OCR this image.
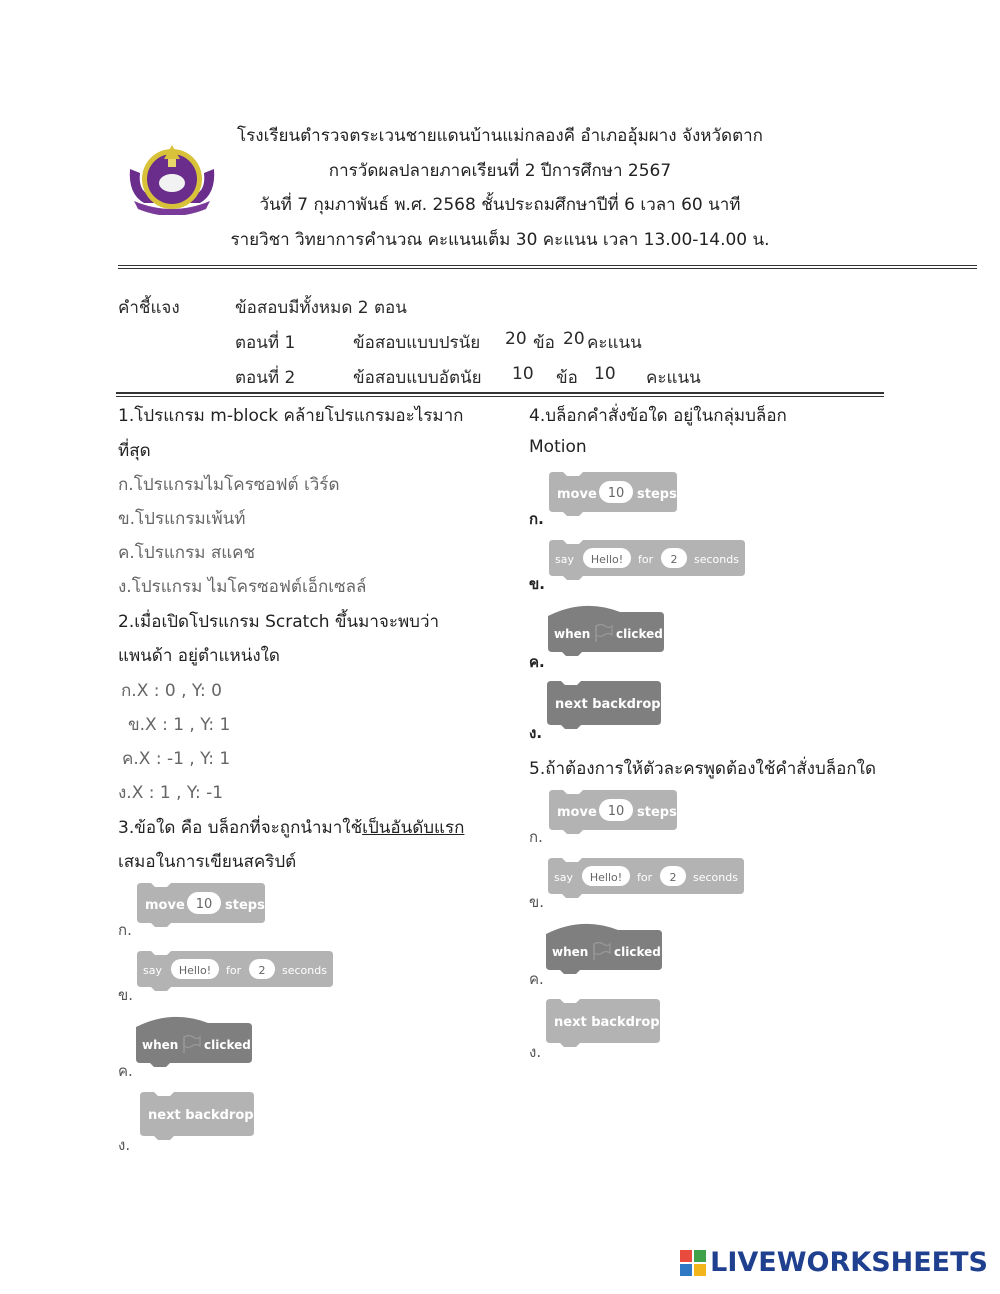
โรงเรียนตำรวจตระเวนชายแดนบ้านแม่กลองคี อำเภออุ้มผาง จังหวัดตาก
การวัดผลปลายภาคเรียนที่ 2 ปีการศึกษา 2567
วันที่ 7 กุมภาพันธ์ พ.ศ. 2568 ชั้นประถมศึกษาปีที่ 6 เวลา 60 นาที
รายวิชา วิทยาการคำนวณ คะแนนเต็ม 30 คะแนน เวลา 13.00-14.00 น.
คำชี้แจง	ข้อสอบมีทั้งหมด 2 ตอน
ตอนที่ 1	ข้อสอบแบบปรนัย 20 ข้อ 20 คะแนน
ตอนที่ 2	ข้อสอบแบบอัตนัย 10 ข้อ 10 คะแนน
1.โปรแกรม m-block คล้ายโปรแกรมอะไรมาก
ที่สุด
ก.โปรแกรมไมโครซอฟต์ เวิร์ด
ข.โปรแกรมเพ้นท์
ค.โปรแกรม สแคช
ง.โปรแกรม ไมโครซอฟต์เอ็กเซลล์
2.เมื่อเปิดโปรแกรม Scratch ขึ้นมาจะพบว่า
แพนด้า อยู่ตำแหน่งใด
ก.X : 0 , Y: 0
ข.X : 1 , Y: 1
ค.X : -1 , Y: 1
ง.X : 1 , Y: -1
3.ข้อใด คือ บล็อกที่จะถูกนำมาใช้เป็นอันดับแรก
เสมอในการเขียนสคริปต์
ก.
move 10 steps
ข.
say Hello! for 2 seconds
ค.
when clicked
ง.
next backdrop
4.บล็อกคำสั่งข้อใด อยู่ในกลุ่มบล็อก
Motion
ก.
move 10 steps
ข.
say Hello! for 2 seconds
ค.
when clicked
ง.
next backdrop
5.ถ้าต้องการให้ตัวละครพูดต้องใช้คำสั่งบล็อกใด
ก.
move 10 steps
ข.
say Hello! for 2 seconds
ค.
when clicked
ง.
next backdrop
LIVEWORKSHEETS
